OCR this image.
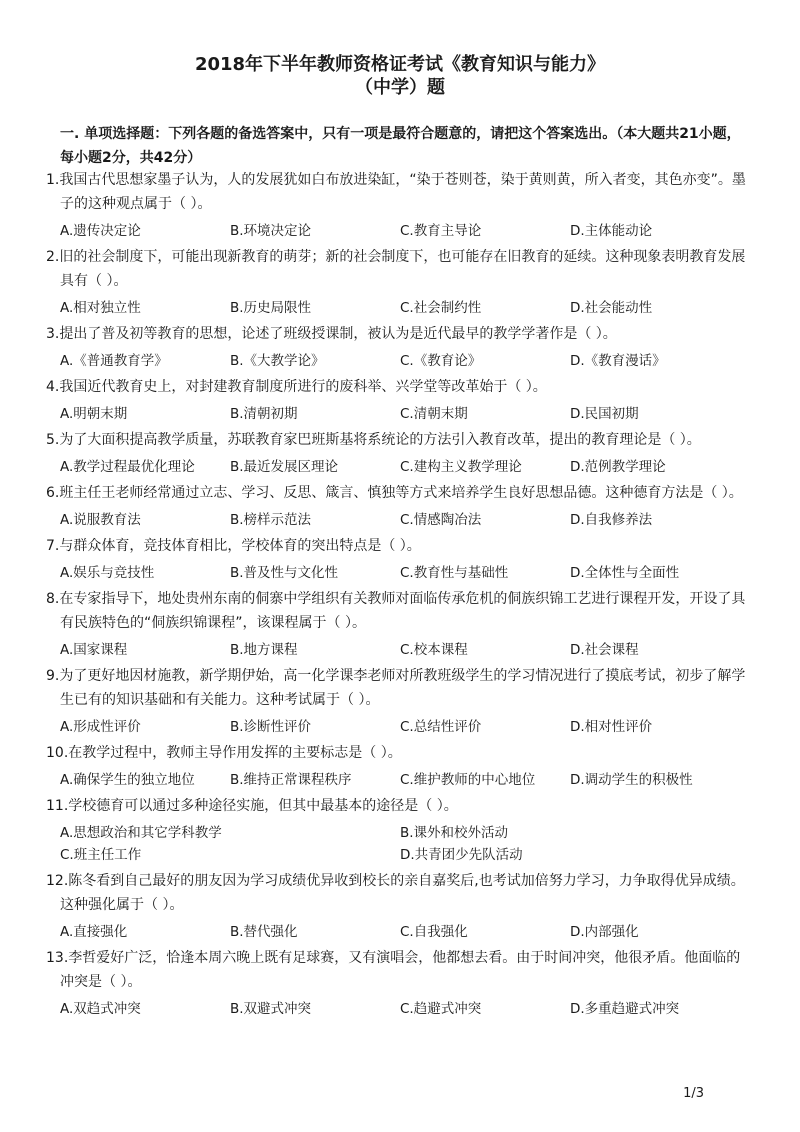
2018年下半年教师资格证考试《教育知识与能力》
（中学）题
一. 单项选择题：下列各题的备选答案中，只有一项是最符合题意的，请把这个答案选出。（本大题共21小题，每小题2分，共42分）
1.我国古代思想家墨子认为，人的发展犹如白布放进染缸，“染于苍则苍，染于黄则黄，所入者变，其色亦变”。墨子的这种观点属于（ ）。
A.遗传决定论	B.环境决定论	C.教育主导论	D.主体能动论
2.旧的社会制度下，可能出现新教育的萌芽；新的社会制度下，也可能存在旧教育的延续。这种现象表明教育发展具有（ ）。
A.相对独立性	B.历史局限性	C.社会制约性	D.社会能动性
3.提出了普及初等教育的思想，论述了班级授课制，被认为是近代最早的教学学著作是（ ）。
A.《普通教育学》	B.《大教学论》	C.《教育论》	D.《教育漫话》
4.我国近代教育史上，对封建教育制度所进行的废科举、兴学堂等改革始于（ ）。
A.明朝末期	B.清朝初期	C.清朝末期	D.民国初期
5.为了大面积提高教学质量，苏联教育家巴班斯基将系统论的方法引入教育改革，提出的教育理论是（ ）。
A.教学过程最优化理论	B.最近发展区理论	C.建构主义教学理论	D.范例教学理论
6.班主任王老师经常通过立志、学习、反思、箴言、慎独等方式来培养学生良好思想品德。这种德育方法是（ ）。
A.说服教育法	B.榜样示范法	C.情感陶冶法	D.自我修养法
7.与群众体育，竞技体育相比，学校体育的突出特点是（ ）。
A.娱乐与竞技性	B.普及性与文化性	C.教育性与基础性	D.全体性与全面性
8.在专家指导下，地处贵州东南的侗寨中学组织有关教师对面临传承危机的侗族织锦工艺进行课程开发，开设了具有民族特色的“侗族织锦课程”，该课程属于（ ）。
A.国家课程	B.地方课程	C.校本课程	D.社会课程
9.为了更好地因材施教，新学期伊始，高一化学课李老师对所教班级学生的学习情况进行了摸底考试，初步了解学生已有的知识基础和有关能力。这种考试属于（ ）。
A.形成性评价	B.诊断性评价	C.总结性评价	D.相对性评价
10.在教学过程中，教师主导作用发挥的主要标志是（ ）。
A.确保学生的独立地位	B.维持正常课程秩序	C.维护教师的中心地位	D.调动学生的积极性
11.学校德育可以通过多种途径实施，但其中最基本的途径是（ ）。
A.思想政治和其它学科教学	B.课外和校外活动
C.班主任工作	D.共青团少先队活动
12.陈冬看到自己最好的朋友因为学习成绩优异收到校长的亲自嘉奖后,也考试加倍努力学习，力争取得优异成绩。这种强化属于（ ）。
A.直接强化	B.替代强化	C.自我强化	D.内部强化
13.李哲爱好广泛，恰逢本周六晚上既有足球赛，又有演唱会，他都想去看。由于时间冲突，他很矛盾。他面临的冲突是（ ）。
A.双趋式冲突	B.双避式冲突	C.趋避式冲突	D.多重趋避式冲突
1/3
